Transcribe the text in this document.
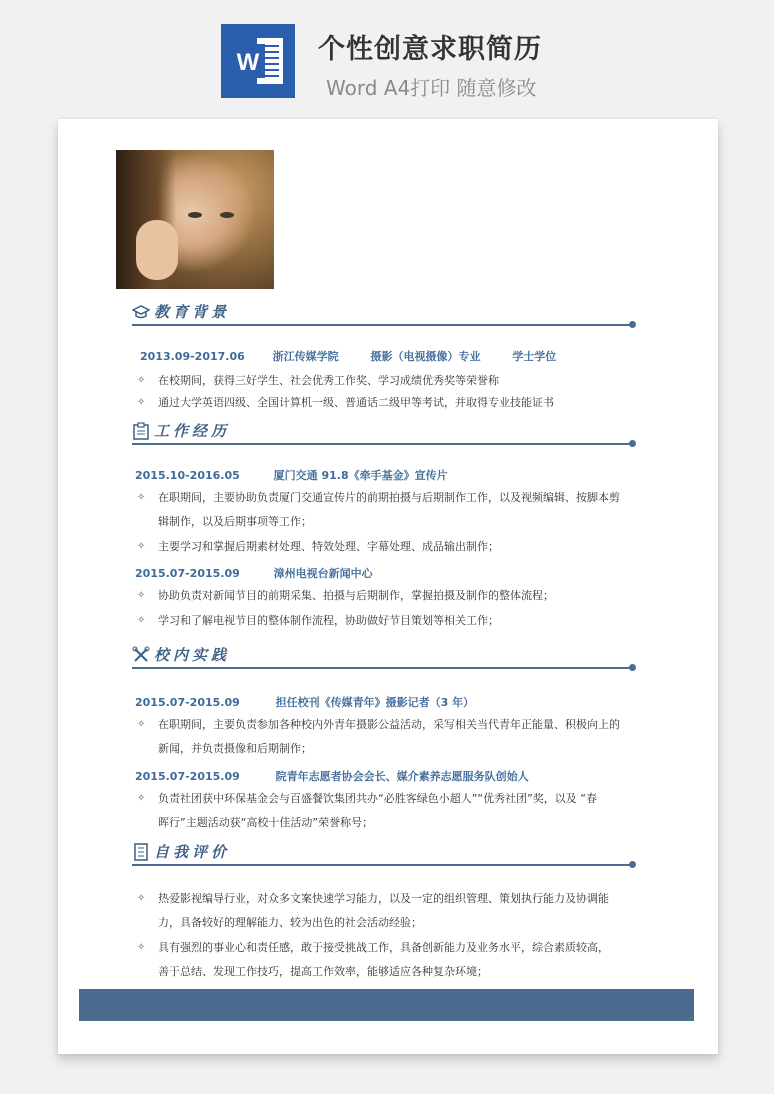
W 个性创意求职简历
Word A4打印 随意修改
教育背景
2013.09-2017.06	浙江传媒学院	摄影（电视摄像）专业	学士学位
✧ 在校期间，获得三好学生、社会优秀工作奖、学习成绩优秀奖等荣誉称
✧ 通过大学英语四级、全国计算机一级、普通话二级甲等考试，并取得专业技能证书
工作经历
2015.10-2016.05	厦门交通 91.8《牵手基金》宣传片
✧ 在职期间，主要协助负责厦门交通宣传片的前期拍摄与后期制作工作，以及视频编辑、按脚本剪
辑制作，以及后期事项等工作；
✧ 主要学习和掌握后期素材处理、特效处理、字幕处理、成品输出制作；
2015.07-2015.09	漳州电视台新闻中心
✧ 协助负责对新闻节目的前期采集、拍摄与后期制作，掌握拍摄及制作的整体流程；
✧ 学习和了解电视节目的整体制作流程，协助做好节目策划等相关工作；
校内实践
2015.07-2015.09	担任校刊《传媒青年》摄影记者（3 年）
✧ 在职期间，主要负责参加各种校内外青年摄影公益活动，采写相关当代青年正能量、积极向上的
新闻，并负责摄像和后期制作；
2015.07-2015.09	院青年志愿者协会会长、媒介素养志愿服务队创始人
✧ 负责社团获中环保基金会与百盛餐饮集团共办“必胜客绿色小超人”“优秀社团”奖，以及 “春
晖行”主题活动获“高校十佳活动”荣誉称号；
自我评价
✧ 热爱影视编导行业，对众多文案快速学习能力，以及一定的组织管理、策划执行能力及协调能
力，具备较好的理解能力、较为出色的社会活动经验；
✧ 具有强烈的事业心和责任感，敢于接受挑战工作，具备创新能力及业务水平，综合素质较高，
善于总结、发现工作技巧，提高工作效率，能够适应各种复杂环境；
